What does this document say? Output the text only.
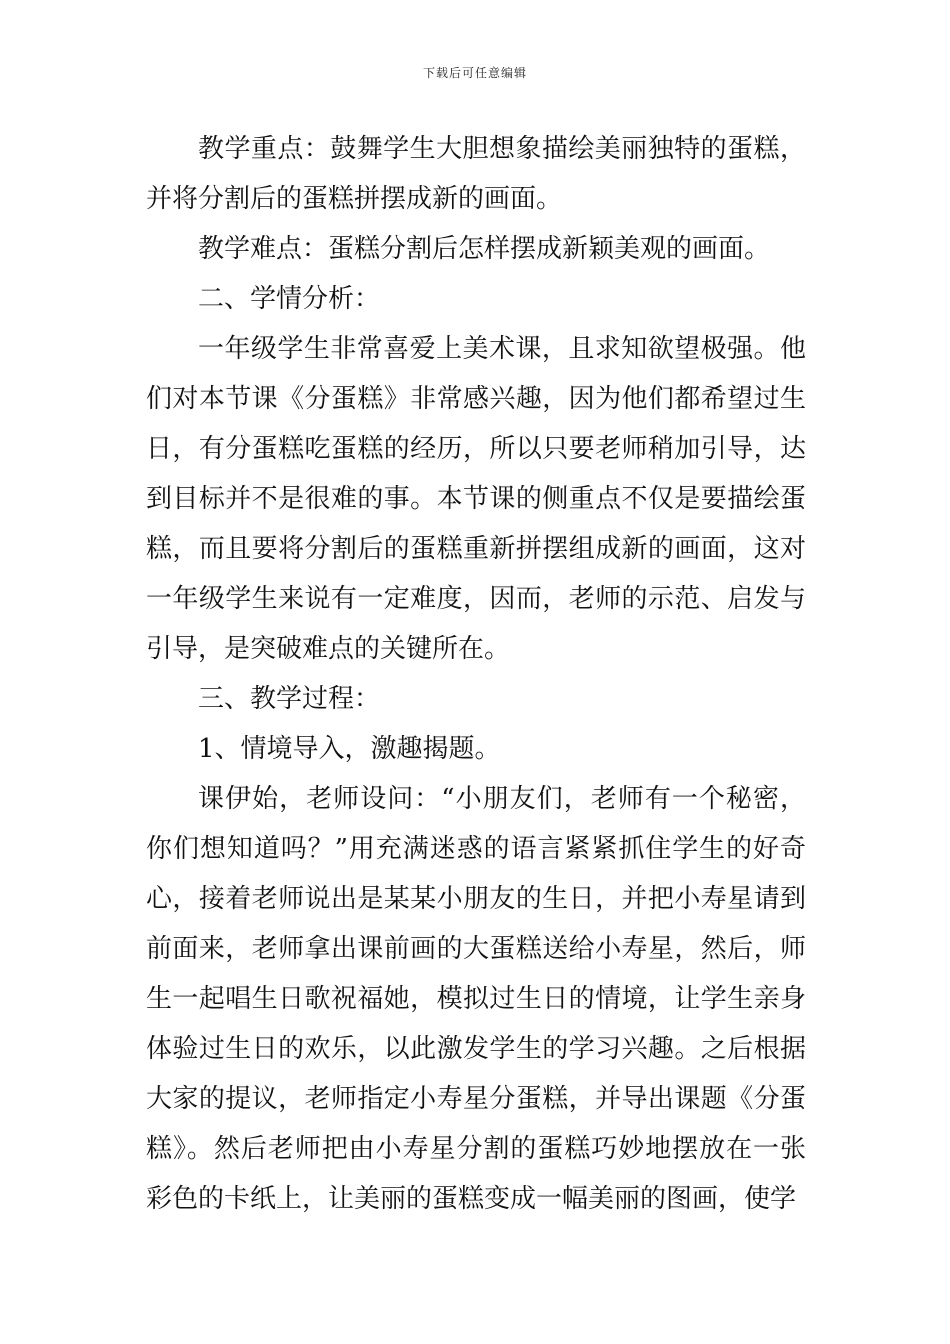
下载后可任意编辑

教学重点：鼓舞学生大胆想象描绘美丽独特的蛋糕，并将分割后的蛋糕拼摆成新的画面。

教学难点：蛋糕分割后怎样摆成新颖美观的画面。

二、学情分析：

一年级学生非常喜爱上美术课，且求知欲望极强。他们对本节课《分蛋糕》非常感兴趣，因为他们都希望过生日，有分蛋糕吃蛋糕的经历，所以只要老师稍加引导，达到目标并不是很难的事。本节课的侧重点不仅是要描绘蛋糕，而且要将分割后的蛋糕重新拼摆组成新的画面，这对一年级学生来说有一定难度，因而，老师的示范、启发与引导，是突破难点的关键所在。

三、教学过程：

1、情境导入，激趣揭题。

课伊始，老师设问：“小朋友们，老师有一个秘密，你们想知道吗？”用充满迷惑的语言紧紧抓住学生的好奇心，接着老师说出是某某小朋友的生日，并把小寿星请到前面来，老师拿出课前画的大蛋糕送给小寿星，然后，师生一起唱生日歌祝福她，模拟过生日的情境，让学生亲身体验过生日的欢乐，以此激发学生的学习兴趣。之后根据大家的提议，老师指定小寿星分蛋糕，并导出课题《分蛋糕》。然后老师把由小寿星分割的蛋糕巧妙地摆放在一张彩色的卡纸上，让美丽的蛋糕变成一幅美丽的图画，使学
